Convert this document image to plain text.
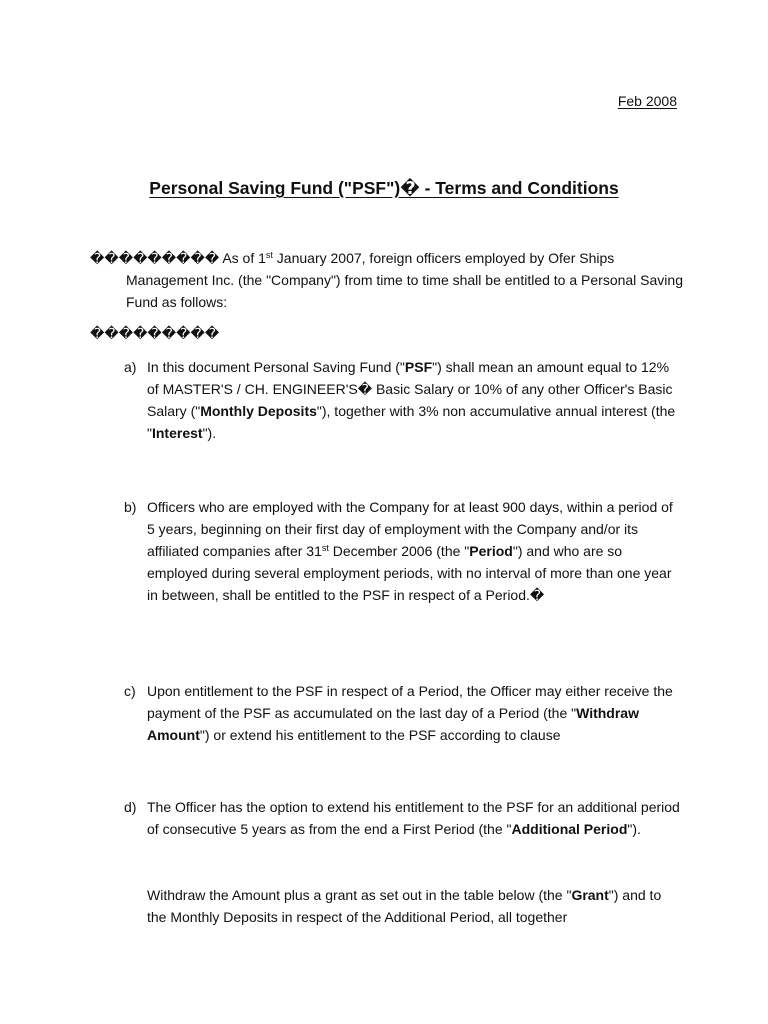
Feb 2008
Personal Saving Fund ("PSF")� - Terms and Conditions
��������� As of 1st January 2007, foreign officers employed by Ofer Ships Management Inc. (the "Company") from time to time shall be entitled to a Personal Saving Fund as follows:
���������
a) In this document Personal Saving Fund ("PSF") shall mean an amount equal to 12% of MASTER'S / CH. ENGINEER'S� Basic Salary or 10% of any other Officer's Basic Salary ("Monthly Deposits"), together with 3% non accumulative annual interest (the "Interest").
b) Officers who are employed with the Company for at least 900 days, within a period of 5 years, beginning on their first day of employment with the Company and/or its affiliated companies after 31st December 2006 (the "Period") and who are so employed during several employment periods, with no interval of more than one year in between, shall be entitled to the PSF in respect of a Period.�
c) Upon entitlement to the PSF in respect of a Period, the Officer may either receive the payment of the PSF as accumulated on the last day of a Period (the "Withdraw Amount") or extend his entitlement to the PSF according to clause
d) The Officer has the option to extend his entitlement to the PSF for an additional period of consecutive 5 years as from the end a First Period (the "Additional Period").
Withdraw the Amount plus a grant as set out in the table below (the "Grant") and to the Monthly Deposits in respect of the Additional Period, all together
